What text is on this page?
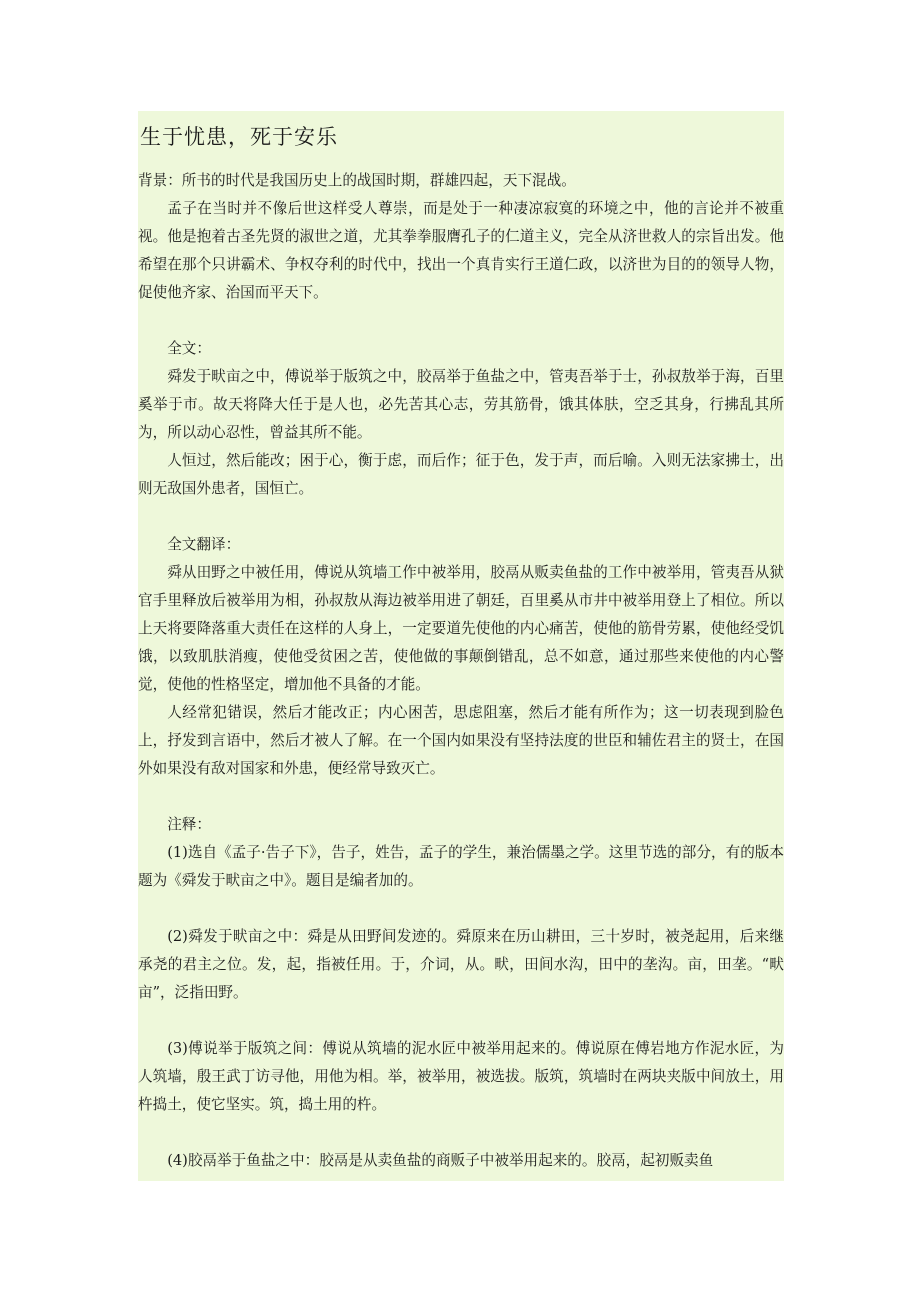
生于忧患，死于安乐

背景：所书的时代是我国历史上的战国时期，群雄四起，天下混战。

孟子在当时并不像后世这样受人尊崇，而是处于一种凄凉寂寞的环境之中，他的言论并不被重视。他是抱着古圣先贤的淑世之道，尤其拳拳服膺孔子的仁道主义，完全从济世救人的宗旨出发。他希望在那个只讲霸术、争权夺利的时代中，找出一个真肯实行王道仁政，以济世为目的的领导人物，促使他齐家、治国而平天下。

全文：

舜发于畎亩之中，傅说举于版筑之中，胶鬲举于鱼盐之中，管夷吾举于士，孙叔敖举于海，百里奚举于市。故天将降大任于是人也，必先苦其心志，劳其筋骨，饿其体肤，空乏其身，行拂乱其所为，所以动心忍性，曾益其所不能。

人恒过，然后能改；困于心，衡于虑，而后作；征于色，发于声，而后喻。入则无法家拂士，出则无敌国外患者，国恒亡。

全文翻译：

舜从田野之中被任用，傅说从筑墙工作中被举用，胶鬲从贩卖鱼盐的工作中被举用，管夷吾从狱官手里释放后被举用为相，孙叔敖从海边被举用进了朝廷，百里奚从市井中被举用登上了相位。所以上天将要降落重大责任在这样的人身上，一定要道先使他的内心痛苦，使他的筋骨劳累，使他经受饥饿，以致肌肤消瘦，使他受贫困之苦，使他做的事颠倒错乱，总不如意，通过那些来使他的内心警觉，使他的性格坚定，增加他不具备的才能。

人经常犯错误，然后才能改正；内心困苦，思虑阻塞，然后才能有所作为；这一切表现到脸色上，抒发到言语中，然后才被人了解。在一个国内如果没有坚持法度的世臣和辅佐君主的贤士，在国外如果没有敌对国家和外患，便经常导致灭亡。

注释：

(1)选自《孟子·告子下》，告子，姓告，孟子的学生，兼治儒墨之学。这里节选的部分，有的版本题为《舜发于畎亩之中》。题目是编者加的。

(2)舜发于畎亩之中：舜是从田野间发迹的。舜原来在历山耕田，三十岁时，被尧起用，后来继承尧的君主之位。发，起，指被任用。于，介词，从。畎，田间水沟，田中的垄沟。亩，田垄。“畎亩”，泛指田野。

(3)傅说举于版筑之间：傅说从筑墙的泥水匠中被举用起来的。傅说原在傅岩地方作泥水匠，为人筑墙，殷王武丁访寻他，用他为相。举，被举用，被选拔。版筑，筑墙时在两块夹版中间放土，用杵捣土，使它坚实。筑，捣土用的杵。

(4)胶鬲举于鱼盐之中：胶鬲是从卖鱼盐的商贩子中被举用起来的。胶鬲，起初贩卖鱼
